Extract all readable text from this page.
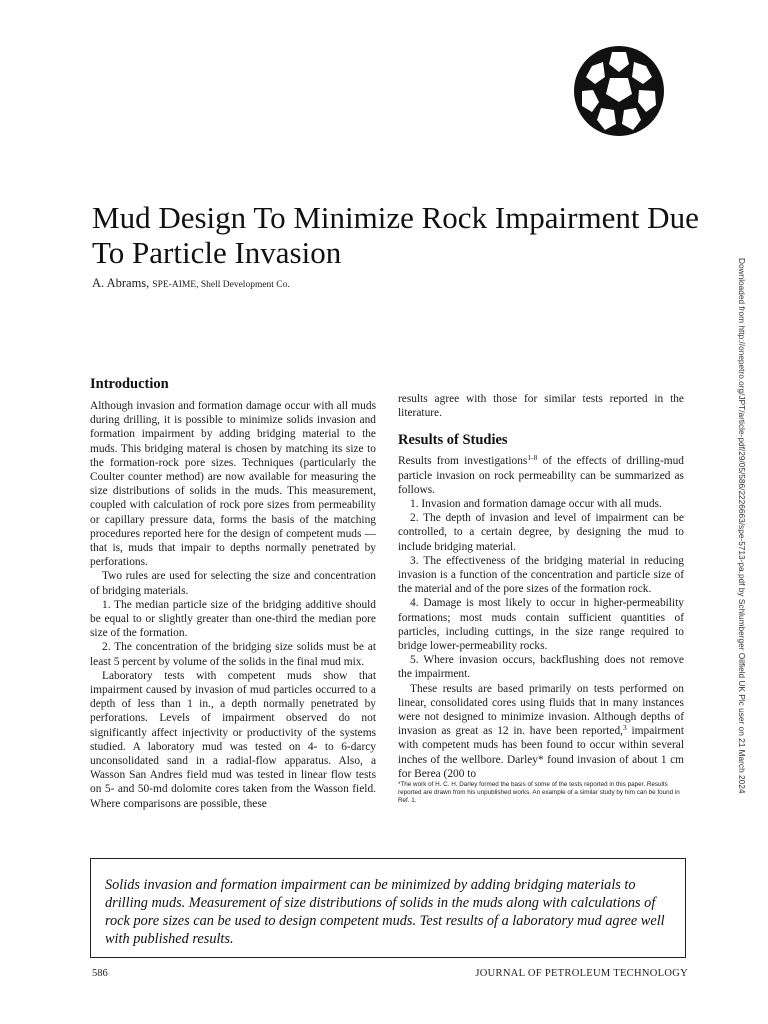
Mud Design To Minimize Rock Impairment Due To Particle Invasion
A. Abrams, SPE-AIME, Shell Development Co.	Downloaded from http://onepetro.org/JPT/article-pdf/29/05/586/2226663/spe-5713-pa.pdf by Schlumberger Oilfield UK Plc user on 21 March 2024
Introduction

Although invasion and formation damage occur with all muds during drilling, it is possible to minimize solids invasion and formation impairment by adding bridging material to the muds. This bridging materal is chosen by matching its size to the formation-rock pore sizes. Techniques (particularly the Coulter counter method) are now available for measuring the size distributions of solids in the muds. This measurement, coupled with calculation of rock pore sizes from permeability or capillary pressure data, forms the basis of the matching procedures reported here for the design of competent muds — that is, muds that impair to depths normally penetrated by perforations.

Two rules are used for selecting the size and concentration of bridging materials.

1. The median particle size of the bridging additive should be equal to or slightly greater than one-third the median pore size of the formation.

2. The concentration of the bridging size solids must be at least 5 percent by volume of the solids in the final mud mix.

Laboratory tests with competent muds show that impairment caused by invasion of mud particles occurred to a depth of less than 1 in., a depth normally penetrated by perforations. Levels of impairment observed do not significantly affect injectivity or productivity of the systems studied. A laboratory mud was tested on 4- to 6-darcy unconsolidated sand in a radial-flow apparatus. Also, a Wasson San Andres field mud was tested in linear flow tests on 5- and 50-md dolomite cores taken from the Wasson field. Where comparisons are possible, these

results agree with those for similar tests reported in the literature.

Results of Studies

Results from investigations$^{1-8}$ of the effects of drilling-mud particle invasion on rock permeability can be summarized as follows.

1. Invasion and formation damage occur with all muds.

2. The depth of invasion and level of impairment can be controlled, to a certain degree, by designing the mud to include bridging material.

3. The effectiveness of the bridging material in reducing invasion is a function of the concentration and particle size of the material and of the pore sizes of the formation rock.

4. Damage is most likely to occur in higher-permeability formations; most muds contain sufficient quantities of particles, including cuttings, in the size range required to bridge lower-permeability rocks.

5. Where invasion occurs, backflushing does not remove the impairment.

These results are based primarily on tests performed on linear, consolidated cores using fluids that in many instances were not designed to minimize invasion. Although depths of invasion as great as 12 in. have been reported,$^3$ impairment with competent muds has been found to occur within several inches of the wellbore. Darley* found invasion of about 1 cm for Berea (200 to

*The work of H. C. H. Darley formed the basis of some of the tests reported in this paper. Results reported are drawn from his unpublished works. An example of a similar study by him can be found in Ref. 1.

Solids invasion and formation impairment can be minimized by adding bridging materials to drilling muds. Measurement of size distributions of solids in the muds along with calculations of rock pore sizes can be used to design competent muds. Test results of a laboratory mud agree well with published results.

586	JOURNAL OF PETROLEUM TECHNOLOGY
